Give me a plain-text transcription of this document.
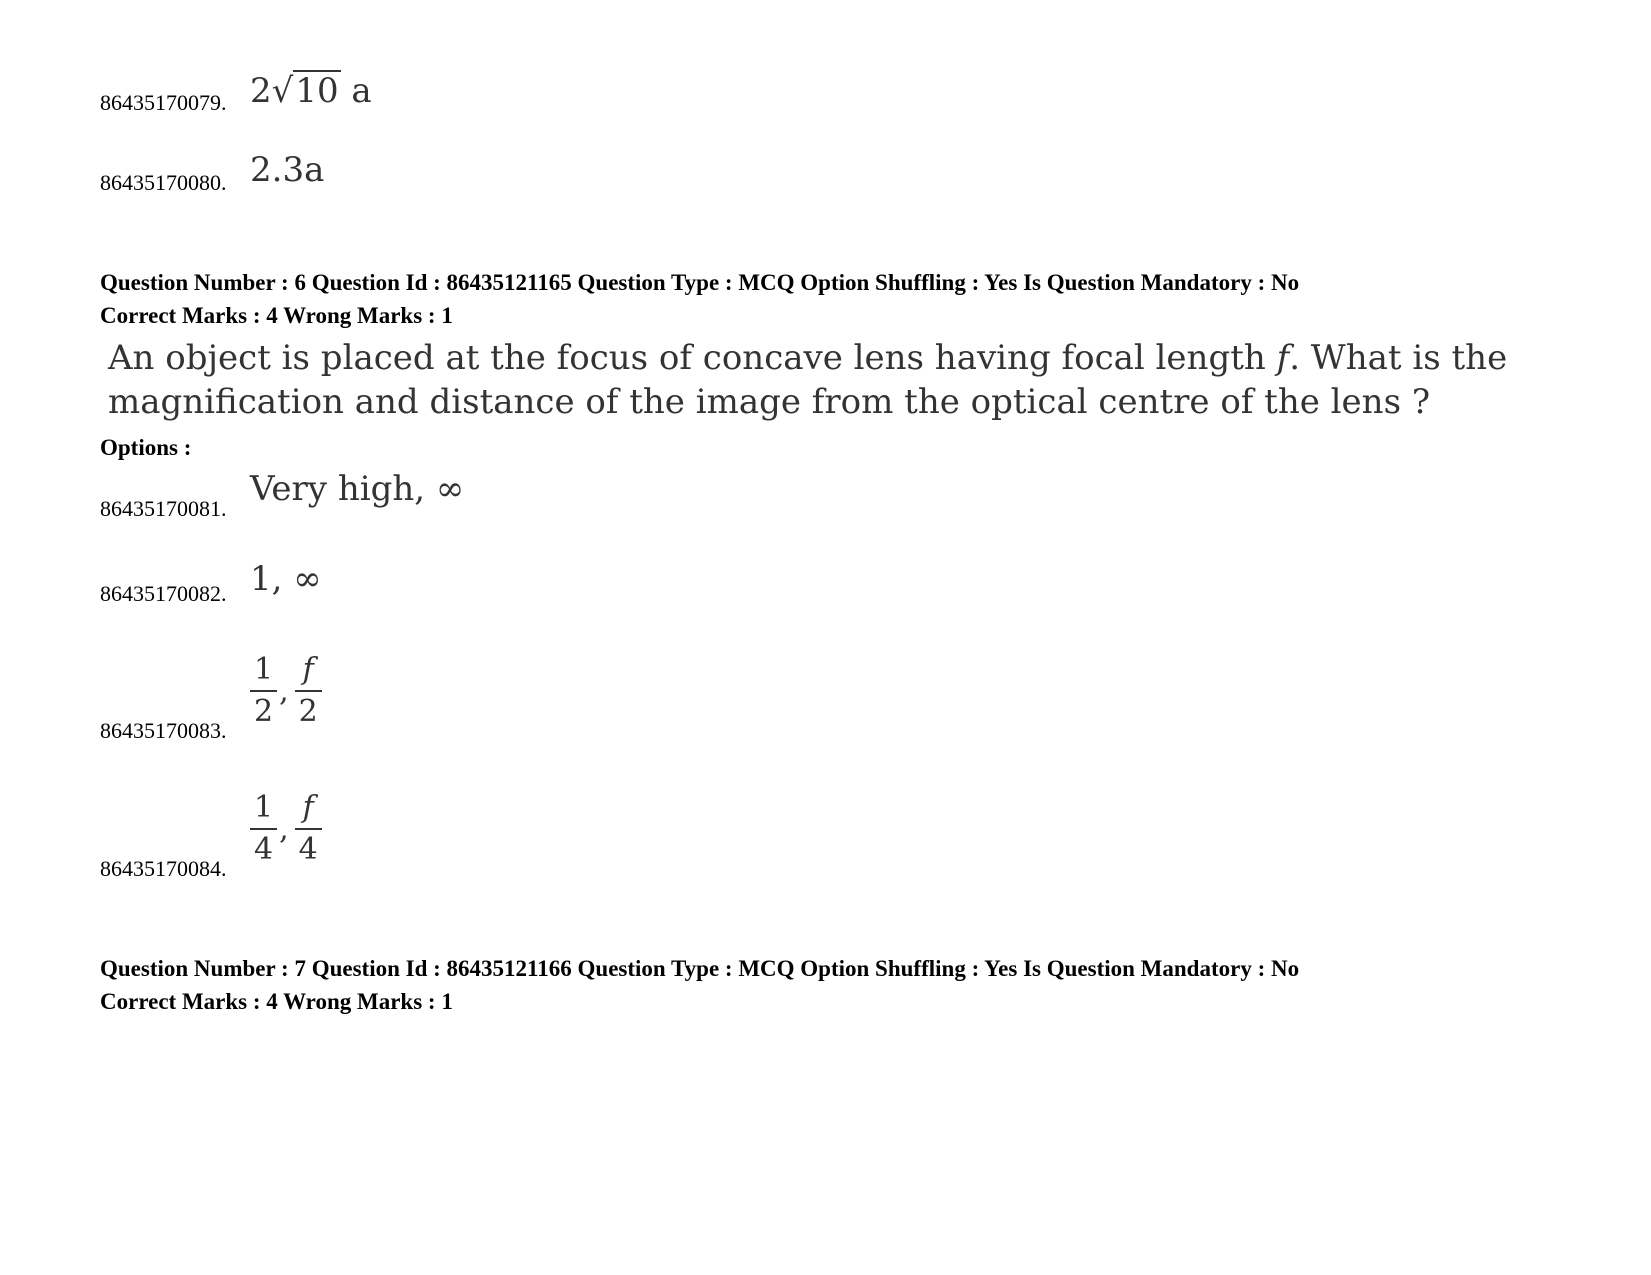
86435170079. 2√10 a
86435170080. 2.3a
Question Number : 6 Question Id : 86435121165 Question Type : MCQ Option Shuffling : Yes Is Question Mandatory : No
Correct Marks : 4 Wrong Marks : 1
An object is placed at the focus of concave lens having focal length f. What is the
magnification and distance of the image from the optical centre of the lens ?
Options :
86435170081. Very high, ∞
86435170082. 1, ∞
86435170083.
$\frac{1}{2}$ , $\frac{f}{2}$
86435170084.
$\frac{1}{4}$ , $\frac{f}{4}$
Question Number : 7 Question Id : 86435121166 Question Type : MCQ Option Shuffling : Yes Is Question Mandatory : No
Correct Marks : 4 Wrong Marks : 1
